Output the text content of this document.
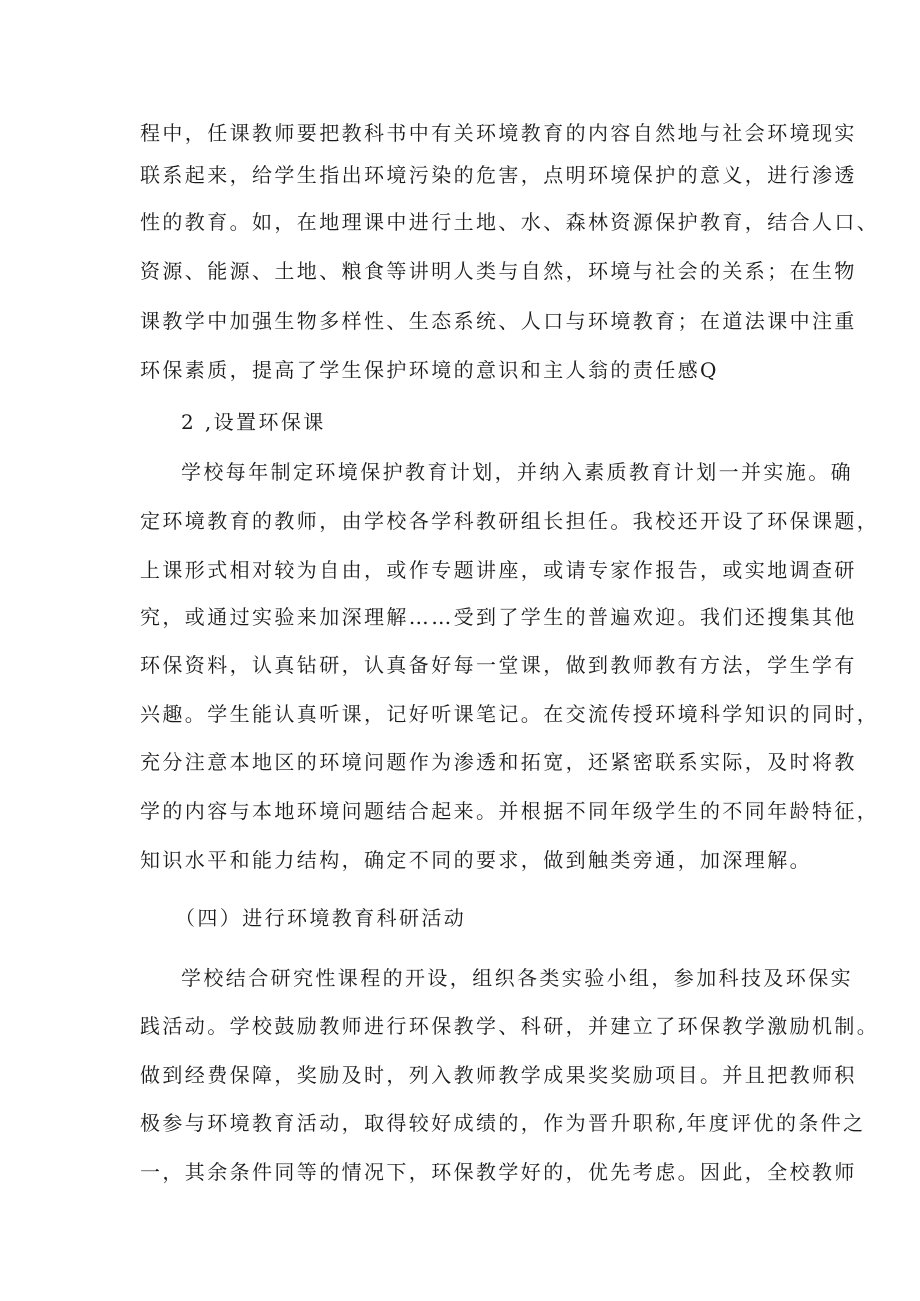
程中，任课教师要把教科书中有关环境教育的内容自然地与社会环境现实
联系起来，给学生指出环境污染的危害，点明环境保护的意义，进行渗透
性的教育。如，在地理课中进行土地、水、森林资源保护教育，结合人口、
资源、能源、土地、粮食等讲明人类与自然，环境与社会的关系；在生物
课教学中加强生物多样性、生态系统、人口与环境教育；在道法课中注重
环保素质，提高了学生保护环境的意识和主人翁的责任感Q
2 ,设置环保课
学校每年制定环境保护教育计划，并纳入素质教育计划一并实施。确
定环境教育的教师，由学校各学科教研组长担任。我校还开设了环保课题，
上课形式相对较为自由，或作专题讲座，或请专家作报告，或实地调查研
究，或通过实验来加深理解……受到了学生的普遍欢迎。我们还搜集其他
环保资料，认真钻研，认真备好每一堂课，做到教师教有方法，学生学有
兴趣。学生能认真听课，记好听课笔记。在交流传授环境科学知识的同时，
充分注意本地区的环境问题作为渗透和拓宽，还紧密联系实际，及时将教
学的内容与本地环境问题结合起来。并根据不同年级学生的不同年龄特征，
知识水平和能力结构，确定不同的要求，做到触类旁通，加深理解。
（四）进行环境教育科研活动
学校结合研究性课程的开设，组织各类实验小组，参加科技及环保实
践活动。学校鼓励教师进行环保教学、科研，并建立了环保教学激励机制。
做到经费保障，奖励及时，列入教师教学成果奖奖励项目。并且把教师积
极参与环境教育活动，取得较好成绩的，作为晋升职称,年度评优的条件之
一，其余条件同等的情况下，环保教学好的，优先考虑。因此，全校教师
